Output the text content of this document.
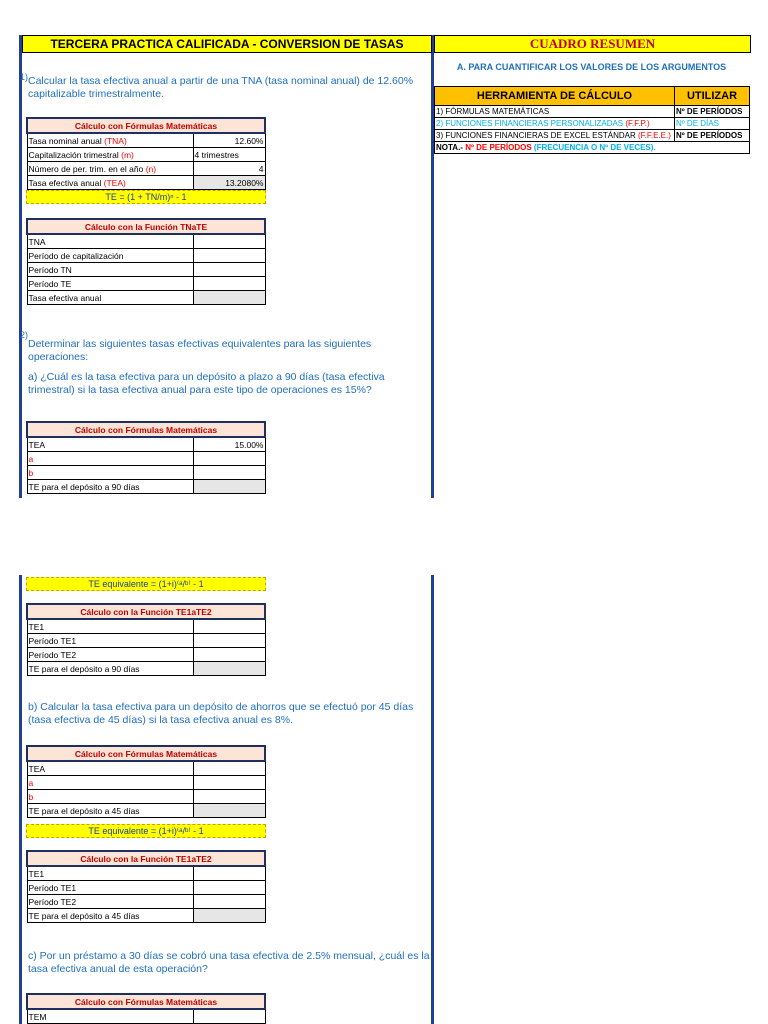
TERCERA PRACTICA CALIFICADA - CONVERSION DE TASAS	CUADRO RESUMEN
A. PARA CUANTIFICAR LOS VALORES DE LOS ARGUMENTOS
HERRAMIENTA DE CÁLCULO	UTILIZAR
1) FÓRMULAS MATEMÁTICAS	Nº DE PERÍODOS
2) FUNCIONES FINANCIERAS PERSONALIZADAS (F.F.P.)	Nº DE DÍAS
3) FUNCIONES FINANCIERAS DE EXCEL ESTÁNDAR (F.F.E.E.)	Nº DE PERÍODOS
NOTA.- Nº DE PERÍODOS (FRECUENCIA O Nº DE VECES).	
1) Calcular la tasa efectiva anual a partir de una TNA (tasa nominal anual) de 12.60% capitalizable trimestralmente.
Cálculo con Fórmulas Matemáticas	
Tasa nominal anual (TNA)	12.60%
Capitalización trimestral (m)	4 trimestres
Número de per. trim. en el año (n)	4
Tasa efectiva anual (TEA)	13.2080%
TE = (1 + TN/m)ⁿ - 1
Cálculo con la Función TNaTE	
TNA	
Período de capitalización	
Período TN	
Período TE	
Tasa efectiva anual	
2)
Determinar las siguientes tasas efectivas equivalentes para las siguientes operaciones:
a) ¿Cuál es la tasa efectiva para un depósito a plazo a 90 días (tasa efectiva trimestral) si la tasa efectiva anual para este tipo de operaciones es 15%?
Cálculo con Fórmulas Matemáticas	
TEA	15.00%
a	
b	
TE para el depósito a 90 días	
TE equivalente = (1+i)⁽ᵃ/ᵇ⁾ - 1
Cálculo con la Función TE1aTE2	
TE1	
Período TE1	
Período TE2	
TE para el depósito a 90 días	
b) Calcular la tasa efectiva para un depósito de ahorros que se efectuó por 45 días (tasa efectiva de 45 días) si la tasa efectiva anual es 8%.
Cálculo con Fórmulas Matemáticas	
TEA	
a	
b	
TE para el depósito a 45 días	
TE equivalente = (1+i)⁽ᵃ/ᵇ⁾ - 1
Cálculo con la Función TE1aTE2	
TE1	
Período TE1	
Período TE2	
TE para el depósito a 45 días	
c) Por un préstamo a 30 días se cobró una tasa efectiva de 2.5% mensual, ¿cuál es la tasa efectiva anual de esta operación?
Cálculo con Fórmulas Matemáticas
TEM	
